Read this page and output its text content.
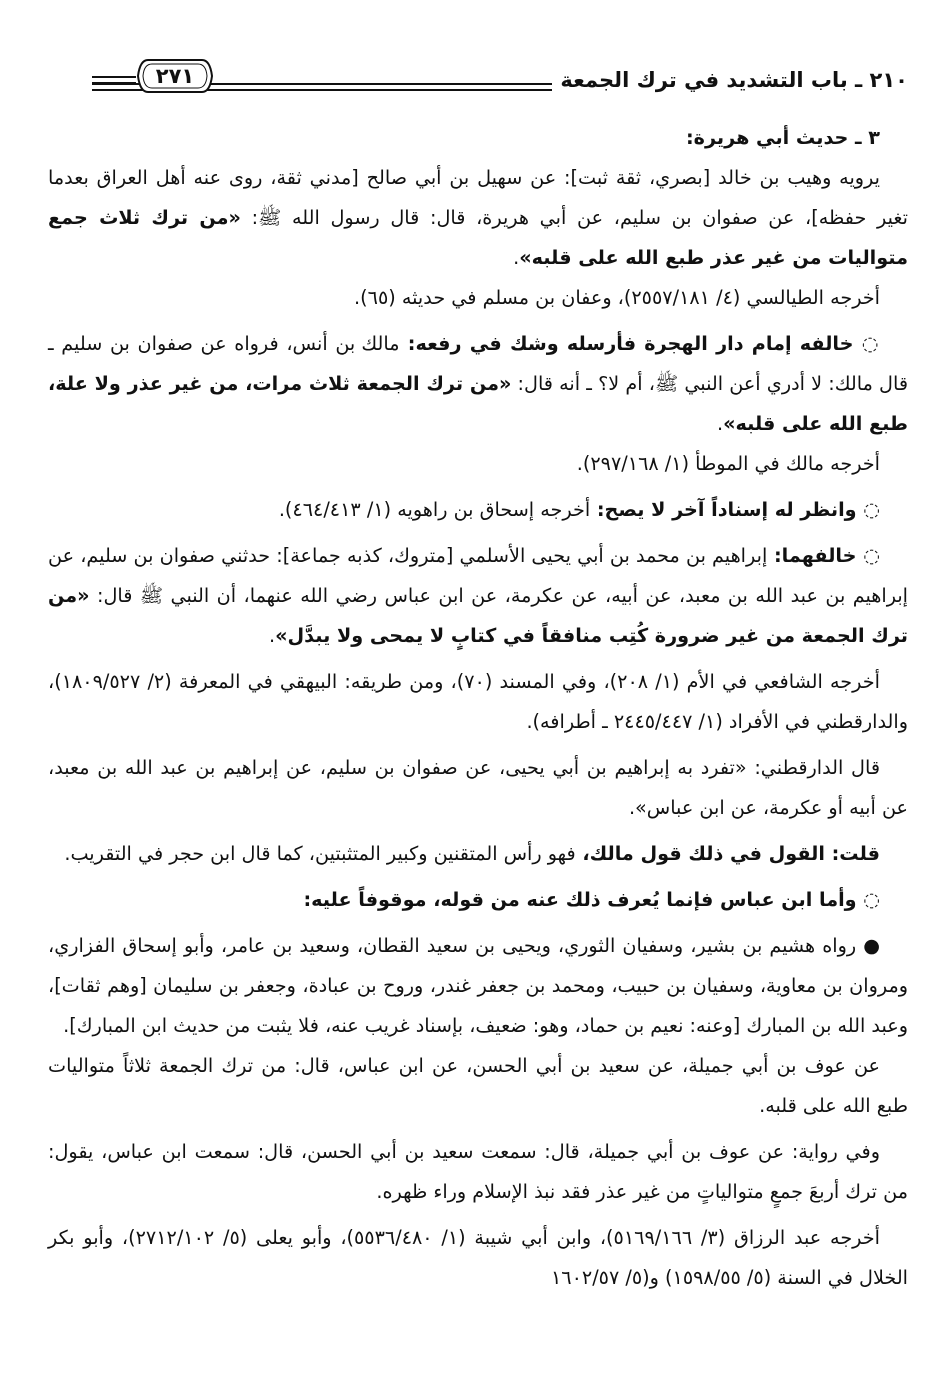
٢١٠ ـ باب التشديد في ترك الجمعة
٢٧١

٣ ـ حديث أبي هريرة:

يرويه وهيب بن خالد [بصري، ثقة ثبت]: عن سهيل بن أبي صالح [مدني ثقة، روى عنه أهل العراق بعدما تغير حفظه]، عن صفوان بن سليم، عن أبي هريرة، قال: قال رسول الله ﷺ: «من ترك ثلاث جمع متواليات من غير عذر طبع الله على قلبه».

أخرجه الطيالسي (٤/ ٢٥٥٧/١٨١)، وعفان بن مسلم في حديثه (٦٥).

◌ خالفه إمام دار الهجرة فأرسله وشك في رفعه: مالك بن أنس، فرواه عن صفوان بن سليم ـ قال مالك: لا أدري أعن النبي ﷺ، أم لا؟ ـ أنه قال: «من ترك الجمعة ثلاث مرات، من غير عذر ولا علة، طبع الله على قلبه».

أخرجه مالك في الموطأ (١/ ٢٩٧/١٦٨).

◌ وانظر له إسناداً آخر لا يصح: أخرجه إسحاق بن راهويه (١/ ٤٦٤/٤١٣).

◌ خالفهما: إبراهيم بن محمد بن أبي يحيى الأسلمي [متروك، كذبه جماعة]: حدثني صفوان بن سليم، عن إبراهيم بن عبد الله بن معبد، عن أبيه، عن عكرمة، عن ابن عباس رضي الله عنهما، أن النبي ﷺ قال: «من ترك الجمعة من غير ضرورة كُتِب منافقاً في كتابٍ لا يمحى ولا يبدَّل».

أخرجه الشافعي في الأم (١/ ٢٠٨)، وفي المسند (٧٠)، ومن طريقه: البيهقي في المعرفة (٢/ ١٨٠٩/٥٢٧)، والدارقطني في الأفراد (١/ ٢٤٤٥/٤٤٧ ـ أطرافه).

قال الدارقطني: «تفرد به إبراهيم بن أبي يحيى، عن صفوان بن سليم، عن إبراهيم بن عبد الله بن معبد، عن أبيه أو عكرمة، عن ابن عباس».

قلت: القول في ذلك قول مالك، فهو رأس المتقنين وكبير المتثبتين، كما قال ابن حجر في التقريب.

◌ وأما ابن عباس فإنما يُعرف ذلك عنه من قوله، موقوفاً عليه:

● رواه هشيم بن بشير، وسفيان الثوري، ويحيى بن سعيد القطان، وسعيد بن عامر، وأبو إسحاق الفزاري، ومروان بن معاوية، وسفيان بن حبيب، ومحمد بن جعفر غندر، وروح بن عبادة، وجعفر بن سليمان [وهم ثقات]، وعبد الله بن المبارك [وعنه: نعيم بن حماد، وهو: ضعيف، بإسناد غريب عنه، فلا يثبت من حديث ابن المبارك].

عن عوف بن أبي جميلة، عن سعيد بن أبي الحسن، عن ابن عباس، قال: من ترك الجمعة ثلاثاً متواليات طبع الله على قلبه.

وفي رواية: عن عوف بن أبي جميلة، قال: سمعت سعيد بن أبي الحسن، قال: سمعت ابن عباس، يقول: من ترك أربعَ جمعٍ متوالياتٍ من غير عذر فقد نبذ الإسلام وراء ظهره.

أخرجه عبد الرزاق (٣/ ٥١٦٩/١٦٦)، وابن أبي شيبة (١/ ٥٥٣٦/٤٨٠)، وأبو يعلى (٥/ ٢٧١٢/١٠٢)، وأبو بكر الخلال في السنة (٥/ ١٥٩٨/٥٥) و(٥/ ١٦٠٢/٥٧
